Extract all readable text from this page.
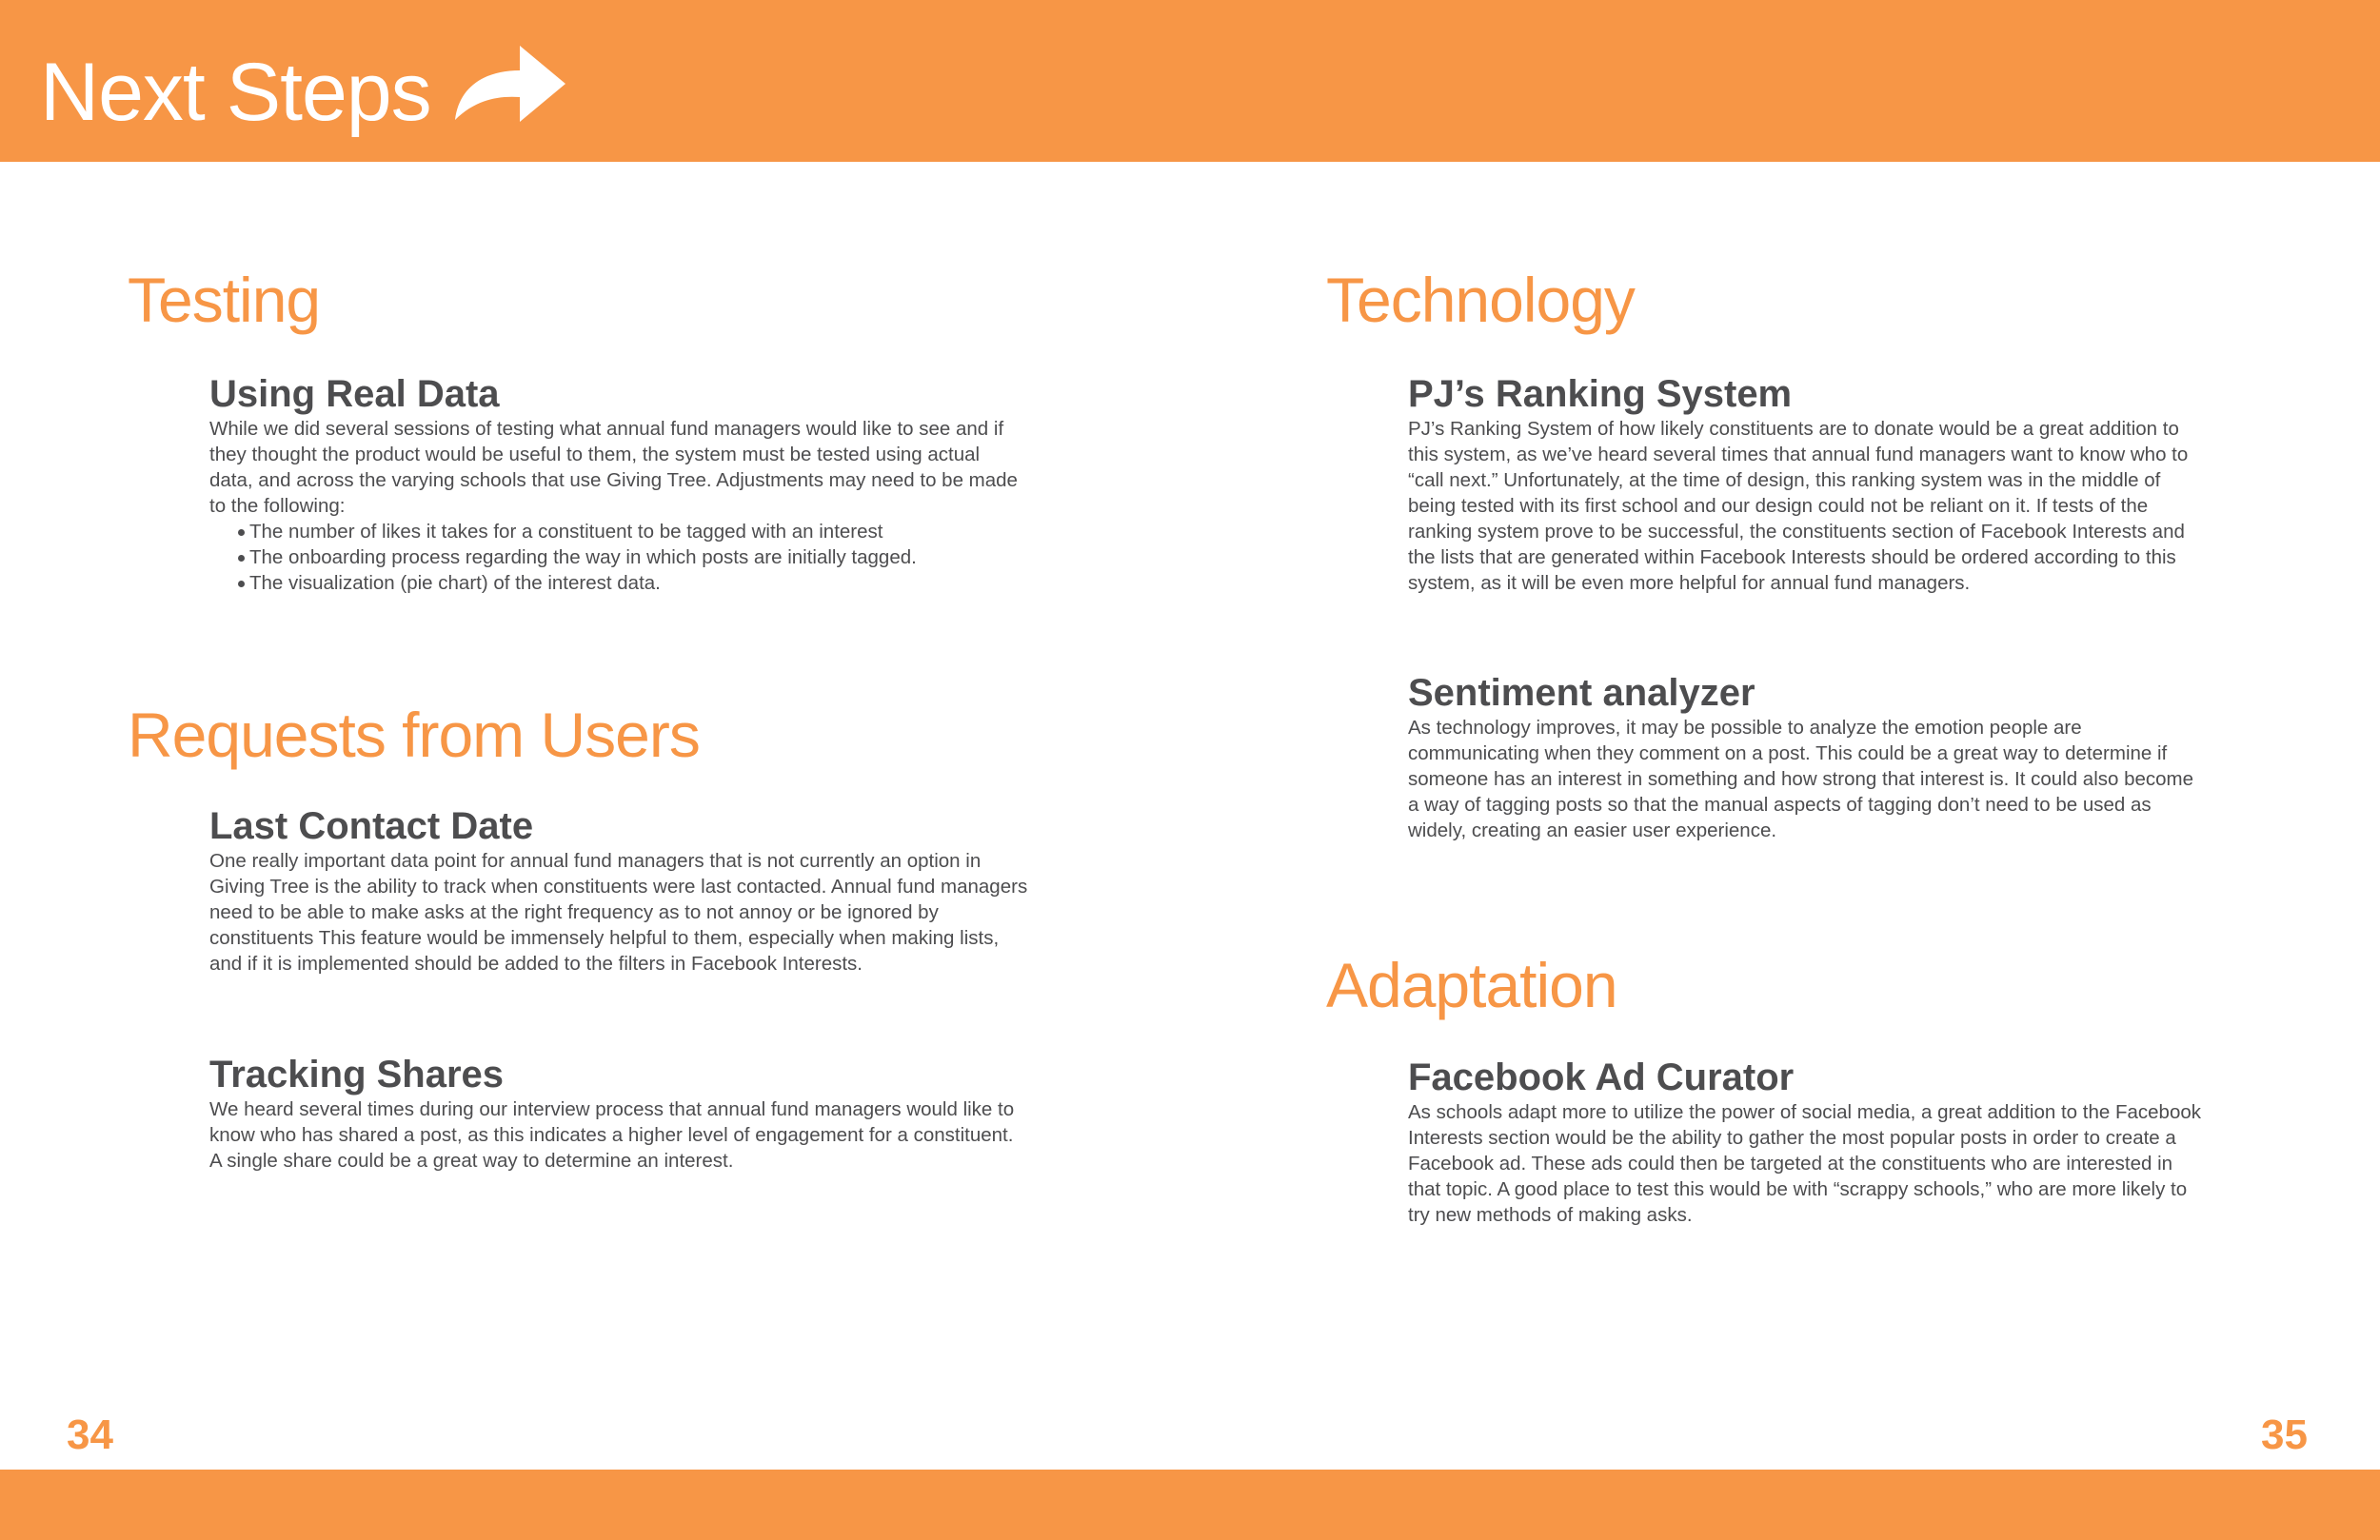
Next Steps
Testing
Using Real Data

While we did several sessions of testing what annual fund managers would like to see and if they thought the product would be useful to them, the system must be tested using actual data, and across the varying schools that use Giving Tree. Adjustments may need to be made to the following:

The number of likes it takes for a constituent to be tagged with an interest
The onboarding process regarding the way in which posts are initially tagged.
The visualization (pie chart) of the interest data.
Requests from Users
Last Contact Date

One really important data point for annual fund managers that is not currently an option in Giving Tree is the ability to track when constituents were last contacted. Annual fund managers need to be able to make asks at the right frequency as to not annoy or be ignored by constituents This feature would be immensely helpful to them, especially when making lists, and if it is implemented should be added to the filters in Facebook Interests.

Tracking Shares

We heard several times during our interview process that annual fund managers would like to know who has shared a post, as this indicates a higher level of engagement for a constituent. A single share could be a great way to determine an interest.

34
Technology
PJ’s Ranking System

PJ’s Ranking System of how likely constituents are to donate would be a great addition to this system, as we’ve heard several times that annual fund managers want to know who to “call next.” Unfortunately, at the time of design, this ranking system was in the middle of being tested with its first school and our design could not be reliant on it. If tests of the ranking system prove to be successful, the constituents section of Facebook Interests and the lists that are generated within Facebook Interests should be ordered according to this system, as it will be even more helpful for annual fund managers.

Sentiment analyzer

As technology improves, it may be possible to analyze the emotion people are communicating when they comment on a post. This could be a great way to determine if someone has an interest in something and how strong that interest is. It could also become a way of tagging posts so that the manual aspects of tagging don’t need to be used as widely, creating an easier user experience.

Adaptation
Facebook Ad Curator

As schools adapt more to utilize the power of social media, a great addition to the Facebook Interests section would be the ability to gather the most popular posts in order to create a Facebook ad. These ads could then be targeted at the constituents who are interested in that topic. A good place to test this would be with “scrappy schools,” who are more likely to try new methods of making asks.

35
